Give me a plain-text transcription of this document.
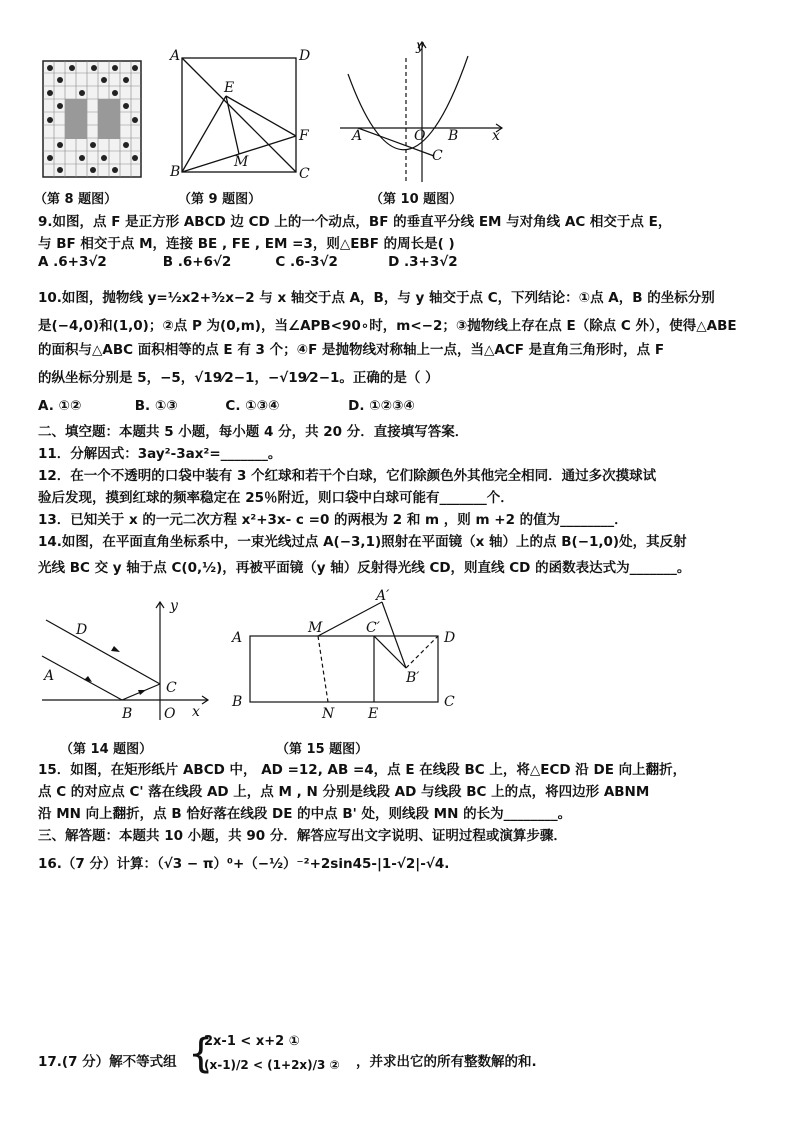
A	D
E
F
B
M
C
y
x
A	O B
C
（第 8 题图）	（第 9 题图）	（第 10 题图）
9.如图，点 F 是正方形 ABCD 边 CD 上的一个动点，BF 的垂直平分线 EM 与对角线 AC 相交于点 E，
与 BF 相交于点 M，连接 BE , FE , EM =3，则△EBF 的周长是( )
A .6+3√2	B .6+6√2	C .6-3√2	D .3+3√2
10.如图，抛物线 y=½x2+³⁄₂x−2 与 x 轴交于点 A，B，与 y 轴交于点 C，下列结论：①点 A，B 的坐标分别
是(−4,0)和(1,0)；②点 P 为(0,m)，当∠APB<90∘时，m<−2；③抛物线上存在点 E（除点 C 外），使得△ABE
的面积与△ABC 面积相等的点 E 有 3 个；④F 是抛物线对称轴上一点，当△ACF 是直角三角形时，点 F
的纵坐标分别是 5，−5，√19⁄2−1，−√19⁄2−1。正确的是（ ）
A. ①②	B. ①③	C. ①③④	D. ①②③④
二、填空题：本题共 5 小题，每小题 4 分，共 20 分．直接填写答案．
11．分解因式：3ay²-3ax²=_______。
12．在一个不透明的口袋中装有 3 个红球和若干个白球，它们除颜色外其他完全相同．通过多次摸球试
验后发现，摸到红球的频率稳定在 25％附近，则口袋中白球可能有_______个．
13．已知关于 x 的一元二次方程 x²+3x- c =0 的两根为 2 和 m ，则 m +2 的值为________．
14.如图，在平面直角坐标系中，一束光线过点 A(−3,1)照射在平面镜（x 轴）上的点 B(−1,0)处，其反射
光线 BC 交 y 轴于点 C(0,½)，再被平面镜（y 轴）反射得光线 CD，则直线 CD 的函数表达式为_______。
y
D
A
C
B O x
A′
A
M	C′
D
B′
B
N E
C
（第 14 题图）	（第 15 题图）
15．如图，在矩形纸片 ABCD 中， AD =12, AB =4，点 E 在线段 BC 上，将△ECD 沿 DE 向上翻折，
点 C 的对应点 C' 落在线段 AD 上，点 M , N 分别是线段 AD 与线段 BC 上的点，将四边形 ABNM
沿 MN 向上翻折，点 B 恰好落在线段 DE 的中点 B' 处，则线段 MN 的长为________。
三、解答题：本题共 10 小题，共 90 分．解答应写出文字说明、证明过程或演算步骤．
16.（7 分）计算：（√3 − π）⁰+（−½）⁻²+2sin45-|1-√2|-√4.
17.(7 分）解不等式组 {
2x-1 < x+2 ①
(x-1)/2 < (1+2x)/3 ② ，并求出它的所有整数解的和.
